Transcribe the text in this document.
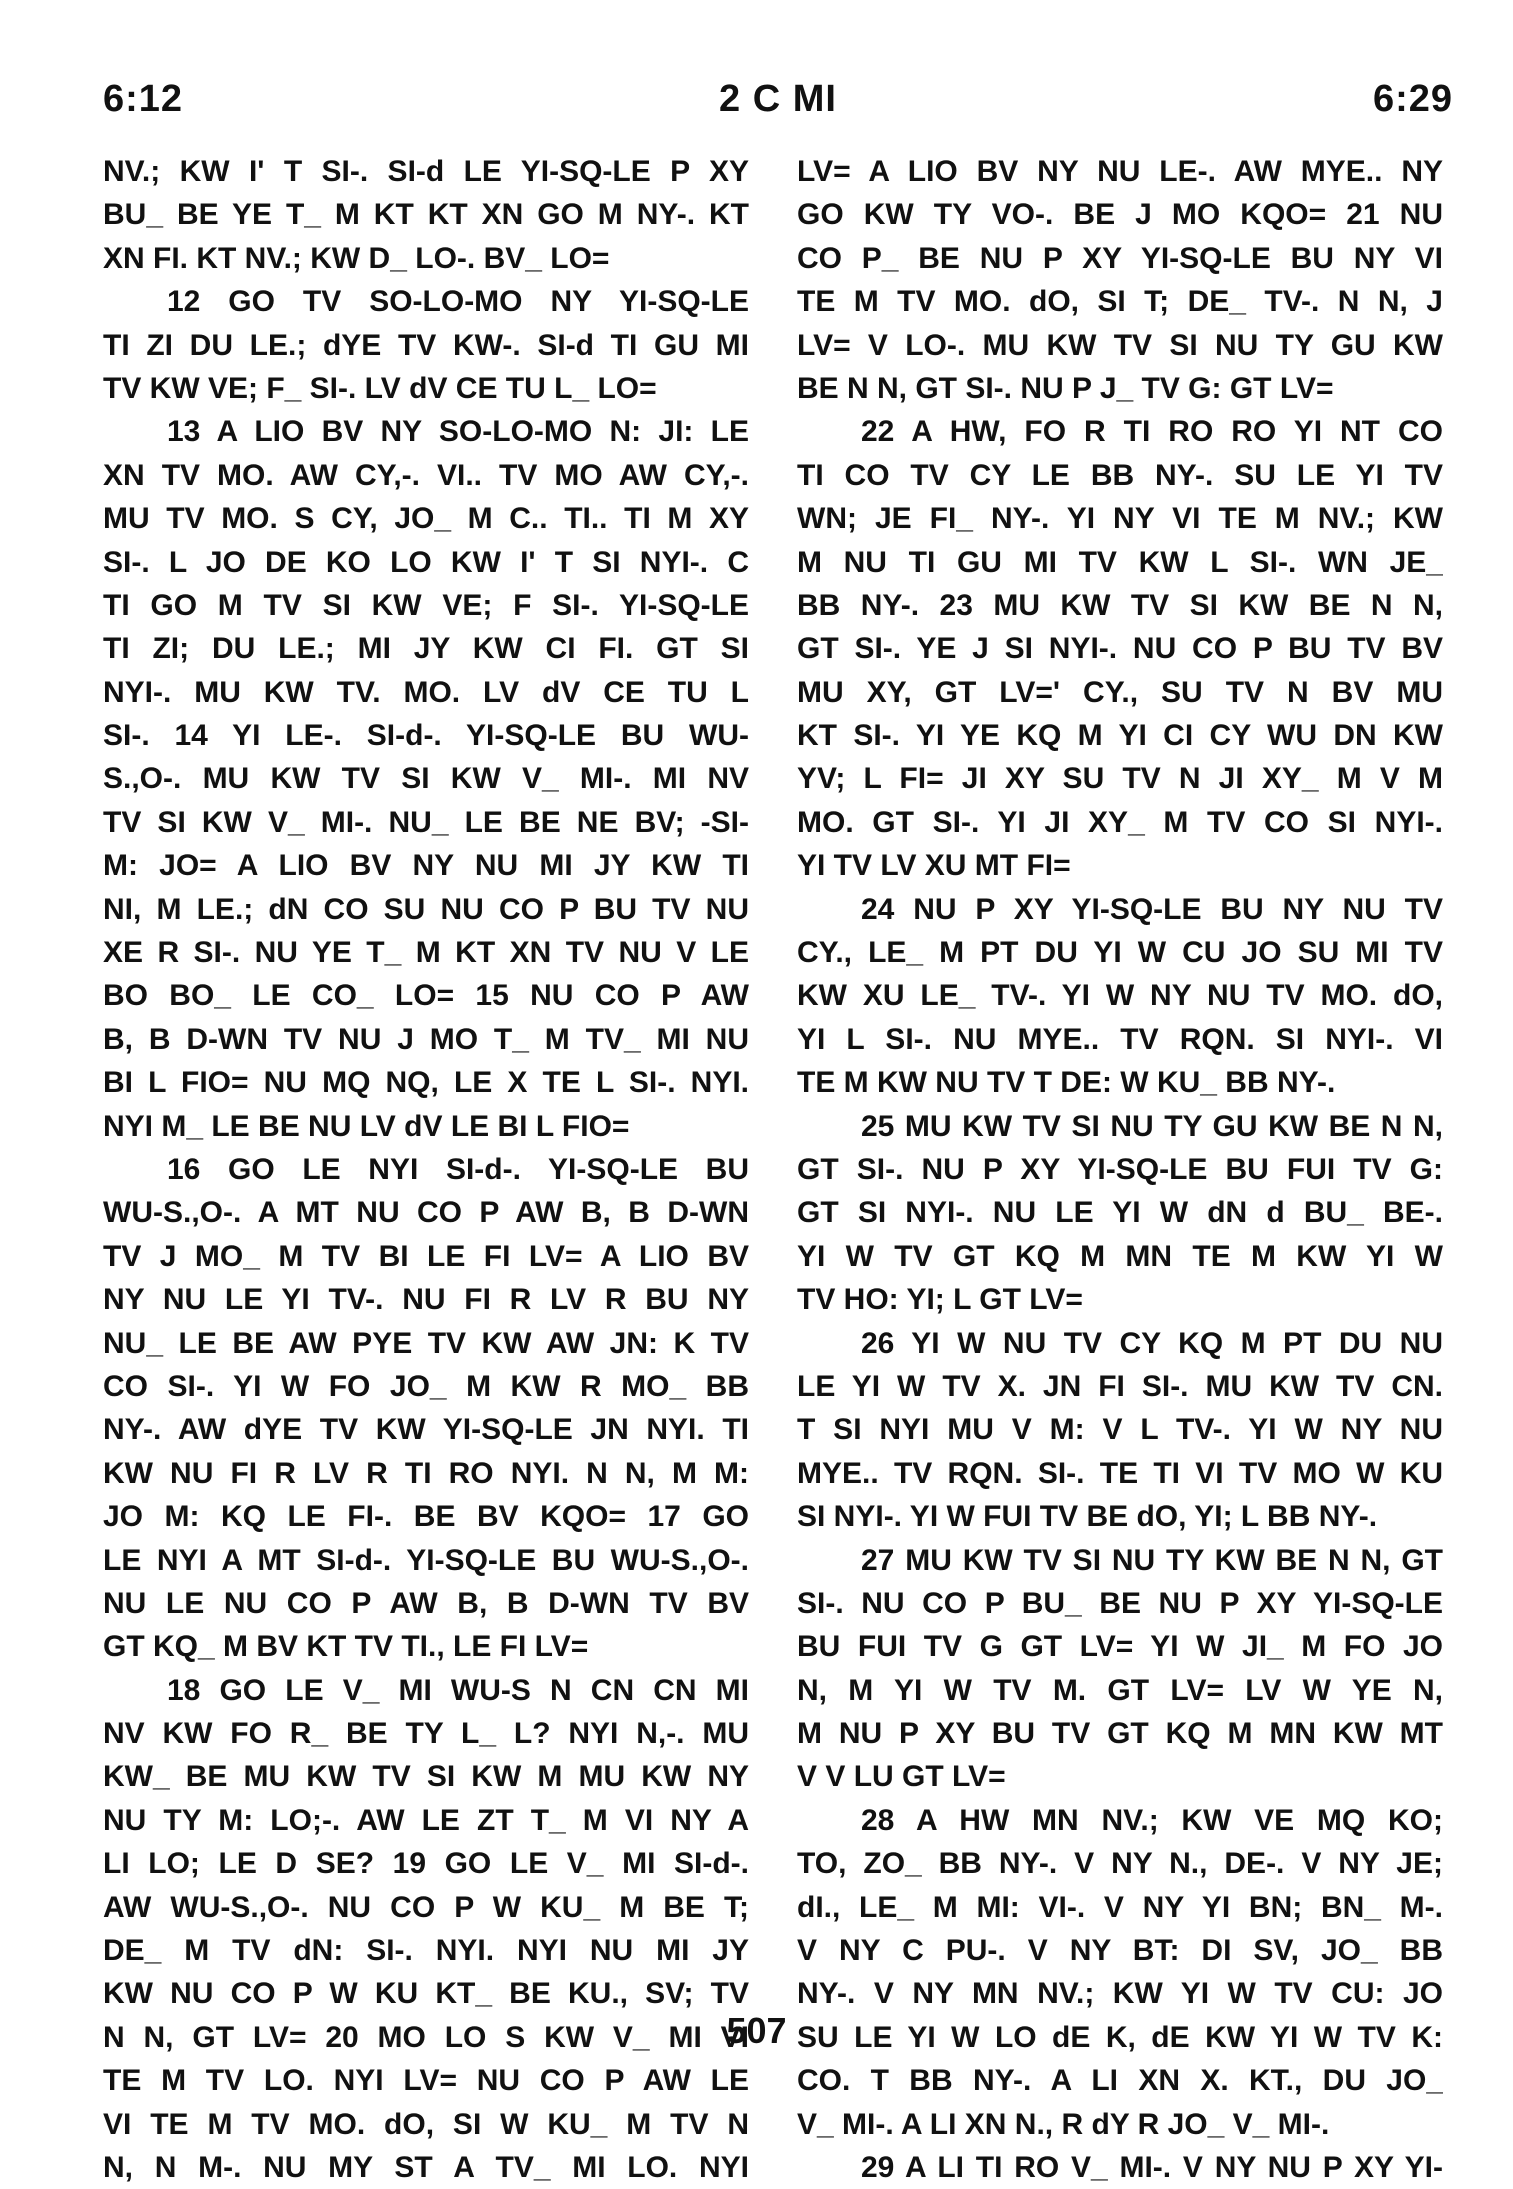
6:12	2 C MI	6:29
NV.; KW I' T SI-. SI-d LE YI-SQ-LE P XY
BU_ BE YE T_ M KT KT XN GO M NY-. KT
XN FI. KT NV.; KW D_ LO-. BV_ LO=
12 GO TV SO-LO-MO NY YI-SQ-LE
TI ZI DU LE.; dYE TV KW-. SI-d TI GU MI
TV KW VE; F_ SI-. LV dV CE TU L_ LO=
13 A LIO BV NY SO-LO-MO N: JI: LE
XN TV MO. AW CY,-. VI.. TV MO AW CY,-.
MU TV MO. S CY, JO_ M C.. TI.. TI M XY
SI-. L JO DE KO LO KW I' T SI NYI-. C
TI GO M TV SI KW VE; F SI-. YI-SQ-LE
TI ZI; DU LE.; MI JY KW CI FI. GT SI
NYI-. MU KW TV. MO. LV dV CE TU L
SI-. 14 YI LE-. SI-d-. YI-SQ-LE BU WU-
S.,O-. MU KW TV SI KW V_ MI-. MI NV
TV SI KW V_ MI-. NU_ LE BE NE BV; -SI-
M: JO= A LIO BV NY NU MI JY KW TI
NI, M LE.; dN CO SU NU CO P BU TV NU
XE R SI-. NU YE T_ M KT XN TV NU V LE
BO BO_ LE CO_ LO= 15 NU CO P AW
B, B D-WN TV NU J MO T_ M TV_ MI NU
BI L FIO= NU MQ NQ, LE X TE L SI-. NYI.
NYI M_ LE BE NU LV dV LE BI L FIO=
16 GO LE NYI SI-d-. YI-SQ-LE BU
WU-S.,O-. A MT NU CO P AW B, B D-WN
TV J MO_ M TV BI LE FI LV= A LIO BV
NY NU LE YI TV-. NU FI R LV R BU NY
NU_ LE BE AW PYE TV KW AW JN: K TV
CO SI-. YI W FO JO_ M KW R MO_ BB
NY-. AW dYE TV KW YI-SQ-LE JN NYI. TI
KW NU FI R LV R TI RO NYI. N N, M M:
JO M: KQ LE FI-. BE BV KQO= 17 GO
LE NYI A MT SI-d-. YI-SQ-LE BU WU-S.,O-.
NU LE NU CO P AW B, B D-WN TV BV
GT KQ_ M BV KT TV TI., LE FI LV=
18 GO LE V_ MI WU-S N CN CN MI
NV KW FO R_ BE TY L_ L? NYI N,-. MU
KW_ BE MU KW TV SI KW M MU KW NY
NU TY M: LO;-. AW LE ZT T_ M VI NY A
LI LO; LE D SE? 19 GO LE V_ MI SI-d-.
AW WU-S.,O-. NU CO P W KU_ M BE T;
DE_ M TV dN: SI-. NYI. NYI NU MI JY
KW NU CO P W KU KT_ BE KU., SV; TV
N N, GT LV= 20 MO LO S KW V_ MI VI
TE M TV LO. NYI LV= NU CO P AW LE
VI TE M TV MO. dO, SI W KU_ M TV N
N, N M-. NU MY ST A TV_ MI LO. NYI
LV= A LIO BV NY NU LE-. AW MYE.. NY
GO KW TY VO-. BE J MO KQO= 21 NU
CO P_ BE NU P XY YI-SQ-LE BU NY VI
TE M TV MO. dO, SI T; DE_ TV-. N N, J
LV= V LO-. MU KW TV SI NU TY GU KW
BE N N, GT SI-. NU P J_ TV G: GT LV=
22 A HW, FO R TI RO RO YI NT CO
TI CO TV CY LE BB NY-. SU LE YI TV
WN; JE FI_ NY-. YI NY VI TE M NV.; KW
M NU TI GU MI TV KW L SI-. WN JE_
BB NY-. 23 MU KW TV SI KW BE N N,
GT SI-. YE J SI NYI-. NU CO P BU TV BV
MU XY, GT LV=' CY., SU TV N BV MU
KT SI-. YI YE KQ M YI CI CY WU DN KW
YV; L FI= JI XY SU TV N JI XY_ M V M
MO. GT SI-. YI JI XY_ M TV CO SI NYI-.
YI TV LV XU MT FI=
24 NU P XY YI-SQ-LE BU NY NU TV
CY., LE_ M PT DU YI W CU JO SU MI TV
KW XU LE_ TV-. YI W NY NU TV MO. dO,
YI L SI-. NU MYE.. TV RQN. SI NYI-. VI
TE M KW NU TV T DE: W KU_ BB NY-.
25 MU KW TV SI NU TY GU KW BE N N,
GT SI-. NU P XY YI-SQ-LE BU FUI TV G:
GT SI NYI-. NU LE YI W dN d BU_ BE-.
YI W TV GT KQ M MN TE M KW YI W
TV HO: YI; L GT LV=
26 YI W NU TV CY KQ M PT DU NU
LE YI W TV X. JN FI SI-. MU KW TV CN.
T SI NYI MU V M: V L TV-. YI W NY NU
MYE.. TV RQN. SI-. TE TI VI TV MO W KU
SI NYI-. YI W FUI TV BE dO, YI; L BB NY-.
27 MU KW TV SI NU TY KW BE N N, GT
SI-. NU CO P BU_ BE NU P XY YI-SQ-LE
BU FUI TV G GT LV= YI W JI_ M FO JO
N, M YI W TV M. GT LV= LV W YE N,
M NU P XY BU TV GT KQ M MN KW MT
V V LU GT LV=
28 A HW MN NV.; KW VE MQ KO;
TO, ZO_ BB NY-. V NY N., DE-. V NY JE;
dI., LE_ M MI: VI-. V NY YI BN; BN_ M-.
V NY C PU-. V NY BT: DI SV, JO_ BB
NY-. V NY MN NV.; KW YI W TV CU: JO
SU LE YI W LO dE K, dE KW YI W TV K:
CO. T BB NY-. A LI XN X. KT., DU JO_
V_ MI-. A LI XN N., R dY R JO_ V_ MI-.
29 A LI TI RO V_ MI-. V NY NU P XY YI-
507
